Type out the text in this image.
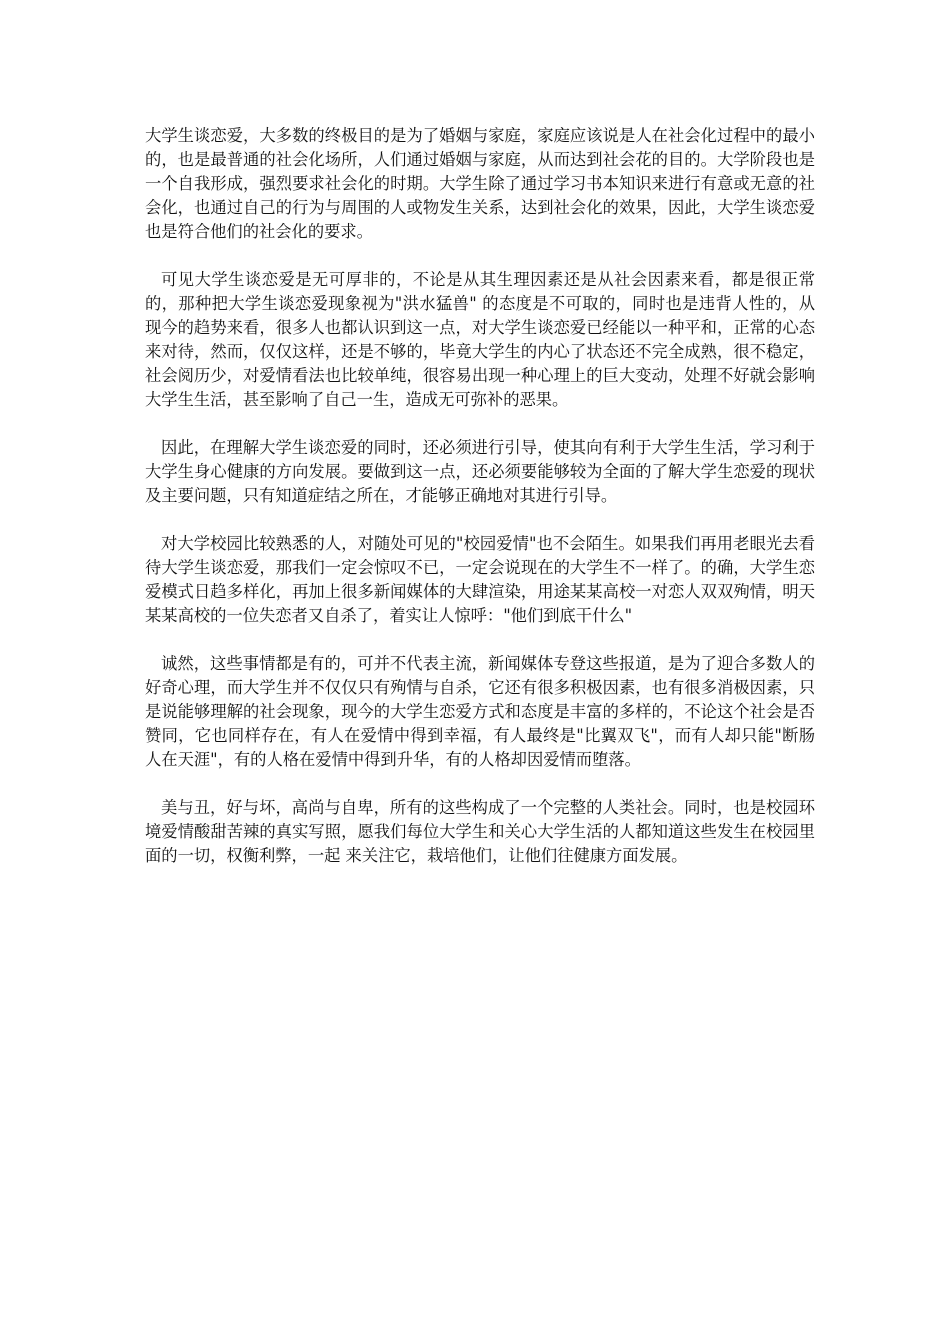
大学生谈恋爱，大多数的终极目的是为了婚姻与家庭，家庭应该说是人在社会化过程中的最小的，也是最普通的社会化场所，人们通过婚姻与家庭，从而达到社会花的目的。大学阶段也是一个自我形成，强烈要求社会化的时期。大学生除了通过学习书本知识来进行有意或无意的社会化，也通过自己的行为与周围的人或物发生关系，达到社会化的效果，因此，大学生谈恋爱也是符合他们的社会化的要求。

可见大学生谈恋爱是无可厚非的，不论是从其生理因素还是从社会因素来看，都是很正常的，那种把大学生谈恋爱现象视为"洪水猛兽" 的态度是不可取的，同时也是违背人性的，从现今的趋势来看，很多人也都认识到这一点，对大学生谈恋爱已经能以一种平和，正常的心态来对待，然而，仅仅这样，还是不够的，毕竟大学生的内心了状态还不完全成熟，很不稳定，社会阅历少，对爱情看法也比较单纯，很容易出现一种心理上的巨大变动，处理不好就会影响大学生生活，甚至影响了自己一生，造成无可弥补的恶果。

因此，在理解大学生谈恋爱的同时，还必须进行引导，使其向有利于大学生生活，学习利于大学生身心健康的方向发展。要做到这一点，还必须要能够较为全面的了解大学生恋爱的现状及主要问题，只有知道症结之所在，才能够正确地对其进行引导。

对大学校园比较熟悉的人，对随处可见的"校园爱情"也不会陌生。如果我们再用老眼光去看待大学生谈恋爱，那我们一定会惊叹不已，一定会说现在的大学生不一样了。的确，大学生恋爱模式日趋多样化，再加上很多新闻媒体的大肆渲染，用途某某高校一对恋人双双殉情，明天某某高校的一位失恋者又自杀了，着实让人惊呼："他们到底干什么"

诚然，这些事情都是有的，可并不代表主流，新闻媒体专登这些报道，是为了迎合多数人的好奇心理，而大学生并不仅仅只有殉情与自杀，它还有很多积极因素，也有很多消极因素，只是说能够理解的社会现象，现今的大学生恋爱方式和态度是丰富的多样的，不论这个社会是否赞同，它也同样存在，有人在爱情中得到幸福，有人最终是"比翼双飞"，而有人却只能"断肠人在天涯"，有的人格在爱情中得到升华，有的人格却因爱情而堕落。

美与丑，好与坏，高尚与自卑，所有的这些构成了一个完整的人类社会。同时，也是校园环境爱情酸甜苦辣的真实写照，愿我们每位大学生和关心大学生活的人都知道这些发生在校园里面的一切，权衡利弊，一起 来关注它，栽培他们，让他们往健康方面发展。
